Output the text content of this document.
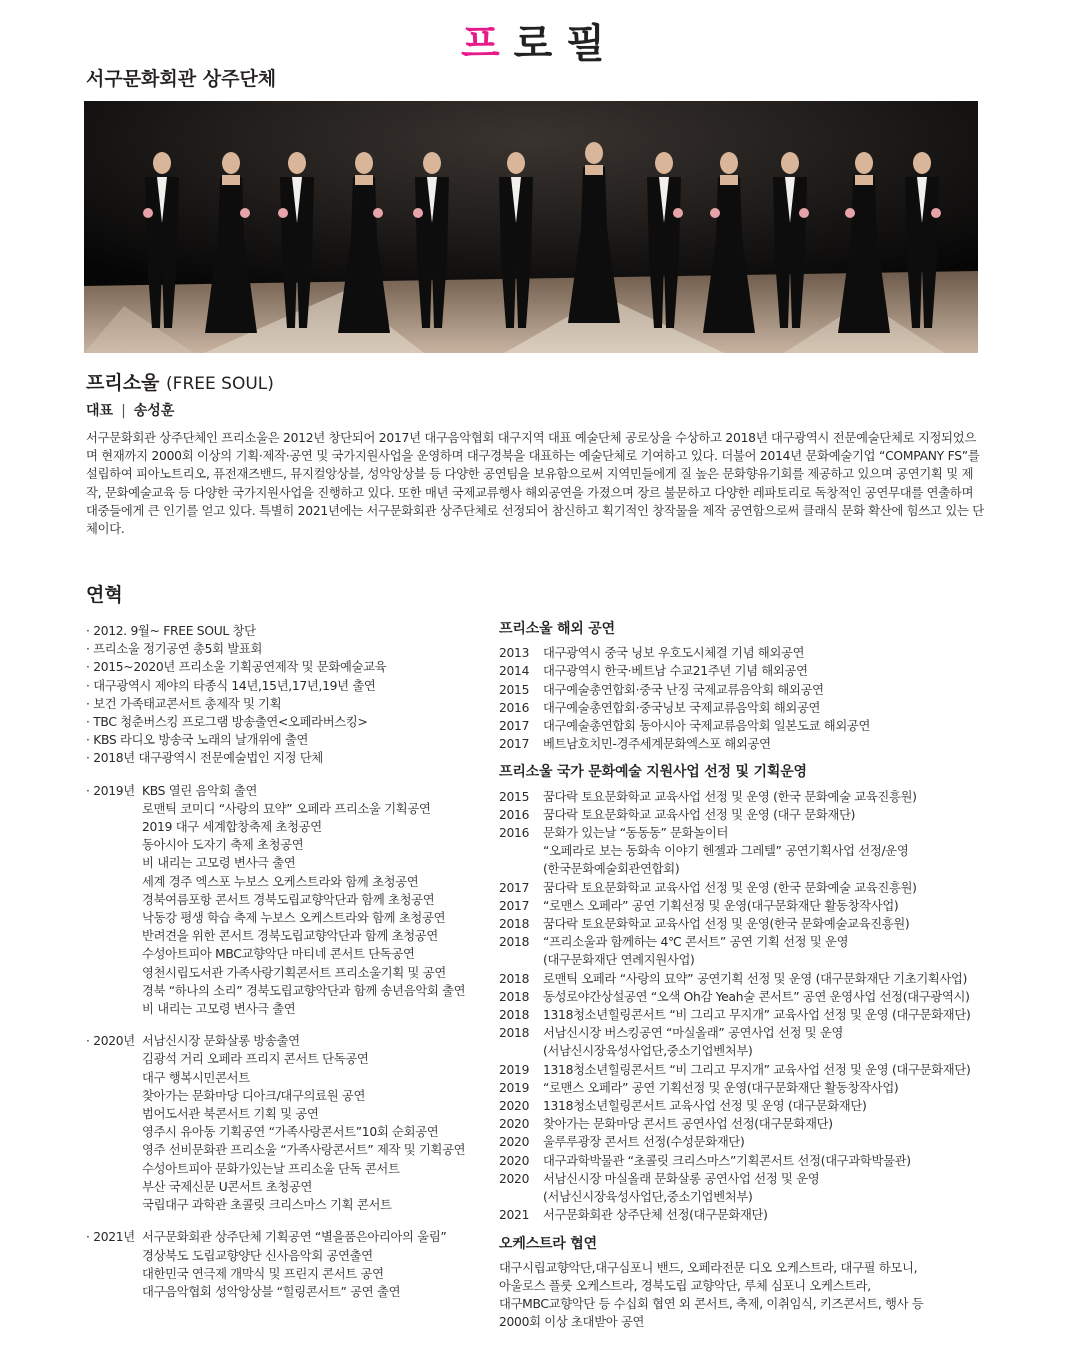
프로필
서구문화회관 상주단체
프리소울 (FREE SOUL)
대표 | 송성훈
서구문화회관 상주단체인 프리소울은 2012년 창단되어 2017년 대구음악협회 대구지역 대표 예술단체 공로상을 수상하고 2018년 대구광역시 전문예술단체로 지정되었으며 현재까지 2000회 이상의 기획·제작·공연 및 국가지원사업을 운영하며 대구경북을 대표하는 예술단체로 기여하고 있다. 더불어 2014년 문화예술기업 “COMPANY FS”를 설립하여 피아노트리오, 퓨전재즈밴드, 뮤지컬앙상블, 성악앙상블 등 다양한 공연팀을 보유함으로써 지역민들에게 질 높은 문화향유기회를 제공하고 있으며 공연기획 및 제작, 문화예술교육 등 다양한 국가지원사업을 진행하고 있다. 또한 매년 국제교류행사 해외공연을 가졌으며 장르 불문하고 다양한 레파토리로 독창적인 공연무대를 연출하며 대중들에게 큰 인기를 얻고 있다. 특별히 2021년에는 서구문화회관 상주단체로 선정되어 참신하고 획기적인 창작물을 제작 공연함으로써 클래식 문화 확산에 힘쓰고 있는 단체이다.
연혁
· 2012. 9월~ FREE SOUL 창단
· 프리소울 정기공연 총5회 발표회
· 2015~2020년 프리소울 기획공연제작 및 문화예술교육
· 대구광역시 제야의 타종식 14년,15년,17년,19년 출연
· 보건 가족태교콘서트 총제작 및 기획
· TBC 청춘버스킹 프로그램 방송출연<오페라버스킹>
· KBS 라디오 방송국 노래의 날개위에 출연
· 2018년 대구광역시 전문예술법인 지정 단체
· 2019년 KBS 열린 음악회 출연
로맨틱 코미디 “사랑의 묘약” 오페라 프리소울 기획공연
2019 대구 세계합창축제 초청공연
동아시아 도자기 축제 초청공연
비 내리는 고모령 변사극 출연
세계 경주 엑스포 누보스 오케스트라와 함께 초청공연
경북여름포항 콘서트 경북도립교향악단과 함께 초청공연
낙동강 평생 학습 축제 누보스 오케스트라와 함께 초청공연
반려견을 위한 콘서트 경북도립교향악단과 함께 초청공연
수성아트피아 MBC교향악단 마티네 콘서트 단독공연
영천시립도서관 가족사랑기획콘서트 프리소울기획 및 공연
경북 “하나의 소리” 경북도립교향악단과 함께 송년음악회 출연
비 내리는 고모령 변사극 출연
· 2020년 서남신시장 문화살롱 방송출연
김광석 거리 오페라 프리지 콘서트 단독공연
대구 행복시민콘서트
찾아가는 문화마당 디아크/대구의료원 공연
범어도서관 북콘서트 기획 및 공연
영주시 유아동 기획공연 “가족사랑콘서트”10회 순회공연
영주 선비문화관 프리소울 “가족사랑콘서트” 제작 및 기획공연
수성아트피아 문화가있는날 프리소울 단독 콘서트
부산 국제신문 U콘서트 초청공연
국립대구 과학관 초콜릿 크리스마스 기획 콘서트
· 2021년 서구문화회관 상주단체 기획공연 “별을품은아리아의 울림”
경상북도 도립교향양단 신사음악회 공연출연
대한민국 연극제 개막식 및 프린지 콘서트 공연
대구음악협회 성악앙상블 “힐링콘서트” 공연 출연
프리소울 해외 공연
2013	대구광역시 중국 닝보 우호도시체결 기념 해외공연
2014	대구광역시 한국·베트남 수교21주년 기념 해외공연
2015	대구예술총연합회·중국 난징 국제교류음악회 해외공연
2016	대구예술총연합회·중국닝보 국제교류음악회 해외공연
2017	대구예술총연합회 동아시아 국제교류음악회 일본도쿄 해외공연
2017	베트남호치민-경주세계문화엑스포 해외공연
프리소울 국가 문화예술 지원사업 선정 및 기획운영
2015	꿈다락 토요문화학교 교육사업 선정 및 운영 (한국 문화예술 교육진흥원)
2016	꿈다락 토요문화학교 교육사업 선정 및 운영 (대구 문화재단)
2016	문화가 있는날 “동동동” 문화놀이터
“오페라로 보는 동화속 이야기 헨젤과 그레텔” 공연기획사업 선정/운영
(한국문화예술회관연합회)
2017	꿈다락 토요문화학교 교육사업 선정 및 운영 (한국 문화예술 교육진흥원)
2017	“로맨스 오페라” 공연 기획선정 및 운영(대구문화재단 활동창작사업)
2018	꿈다락 토요문화학교 교육사업 선정 및 운영(한국 문화예술교육진흥원)
2018	“프리소울과 함께하는 4℃ 콘서트” 공연 기획 선정 및 운영
(대구문화재단 연례지원사업)
2018	로맨틱 오페라 “사랑의 묘약” 공연기획 선정 및 운영 (대구문화재단 기초기획사업)
2018	동성로야간상설공연 “오색 Oh감 Yeah술 콘서트” 공연 운영사업 선정(대구광역시)
2018	1318청소년힐링콘서트 “비 그리고 무지개” 교육사업 선정 및 운영 (대구문화재단)
2018	서남신시장 버스킹공연 “마실올래” 공연사업 선정 및 운영
(서남신시장육성사업단,중소기업벤처부)
2019	1318청소년힐링콘서트 “비 그리고 무지개” 교육사업 선정 및 운영 (대구문화재단)
2019	“로맨스 오페라” 공연 기획선정 및 운영(대구문화재단 활동창작사업)
2020	1318청소년힐링콘서트 교육사업 선정 및 운영 (대구문화재단)
2020	찾아가는 문화마당 콘서트 공연사업 선정(대구문화재단)
2020	울루루광장 콘서트 선정(수성문화재단)
2020	대구과학박물관 “초콜릿 크리스마스”기획콘서트 선정(대구과학박물관)
2020	서남신시장 마실올래 문화살롱 공연사업 선정 및 운영
(서남신시장육성사업단,중소기업벤처부)
2021	서구문화회관 상주단체 선정(대구문화재단)
오케스트라 협연
대구시립교향악단,대구심포니 밴드, 오페라전문 디오 오케스트라, 대구필 하모니,
아울로스 플룻 오케스트라, 경북도립 교향악단, 루체 심포니 오케스트라,
대구MBC교향악단 등 수십회 협연 외 콘서트, 축제, 이취임식, 키즈콘서트, 행사 등
2000회 이상 초대받아 공연
